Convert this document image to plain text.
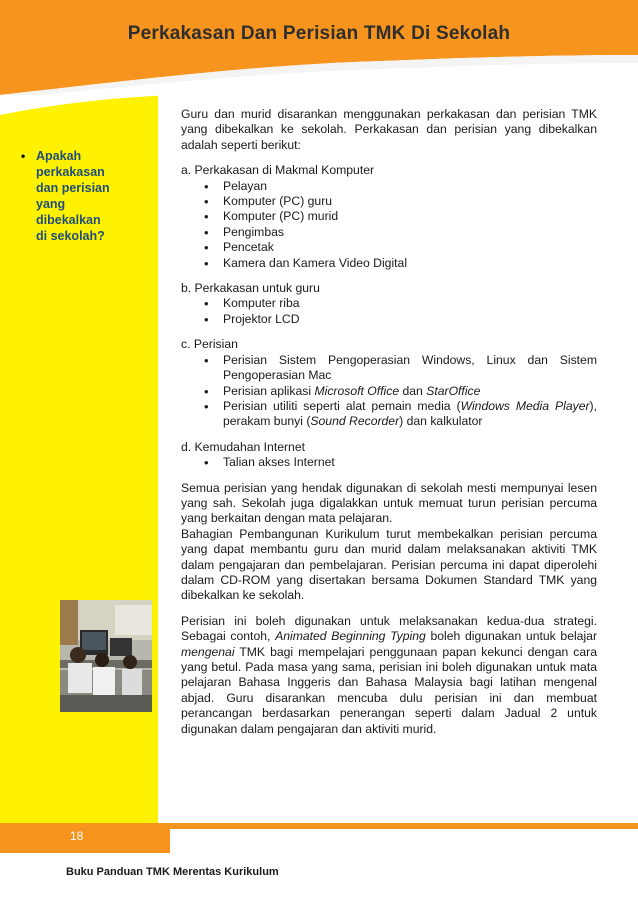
Perkakasan Dan Perisian TMK Di Sekolah
• Apakah
perkakasan
dan perisian
yang
dibekalkan
di sekolah?

Guru dan murid disarankan menggunakan perkakasan dan perisian TMK yang dibekalkan ke sekolah. Perkakasan dan perisian yang dibekalkan adalah seperti berikut:

a. Perkakasan di Makmal Komputer

• Pelayan
• Komputer (PC) guru
• Komputer (PC) murid
• Pengimbas
• Pencetak
• Kamera dan Kamera Video Digital

b. Perkakasan untuk guru

• Komputer riba
• Projektor LCD

c. Perisian

• Perisian Sistem Pengoperasian Windows, Linux dan Sistem Pengoperasian Mac
• Perisian aplikasi Microsoft Office dan StarOffice
• Perisian utiliti seperti alat pemain media (Windows Media Player), perakam bunyi (Sound Recorder) dan kalkulator

d. Kemudahan Internet

• Talian akses Internet

Semua perisian yang hendak digunakan di sekolah mesti mempunyai lesen yang sah. Sekolah juga digalakkan untuk memuat turun perisian percuma yang berkaitan dengan mata pelajaran.

Bahagian Pembangunan Kurikulum turut membekalkan perisian percuma yang dapat membantu guru dan murid dalam melaksanakan aktiviti TMK dalam pengajaran dan pembelajaran. Perisian percuma ini dapat diperolehi dalam CD-ROM yang disertakan bersama Dokumen Standard TMK yang dibekalkan ke sekolah.

Perisian ini boleh digunakan untuk melaksanakan kedua-dua strategi. Sebagai contoh, Animated Beginning Typing boleh digunakan untuk belajar mengenai TMK bagi mempelajari penggunaan papan kekunci dengan cara yang betul. Pada masa yang sama, perisian ini boleh digunakan untuk mata pelajaran Bahasa Inggeris dan Bahasa Malaysia bagi latihan mengenal abjad. Guru disarankan mencuba dulu perisian ini dan membuat perancangan berdasarkan penerangan seperti dalam Jadual 2 untuk digunakan dalam pengajaran dan aktiviti murid.

18
Buku Panduan TMK Merentas Kurikulum
